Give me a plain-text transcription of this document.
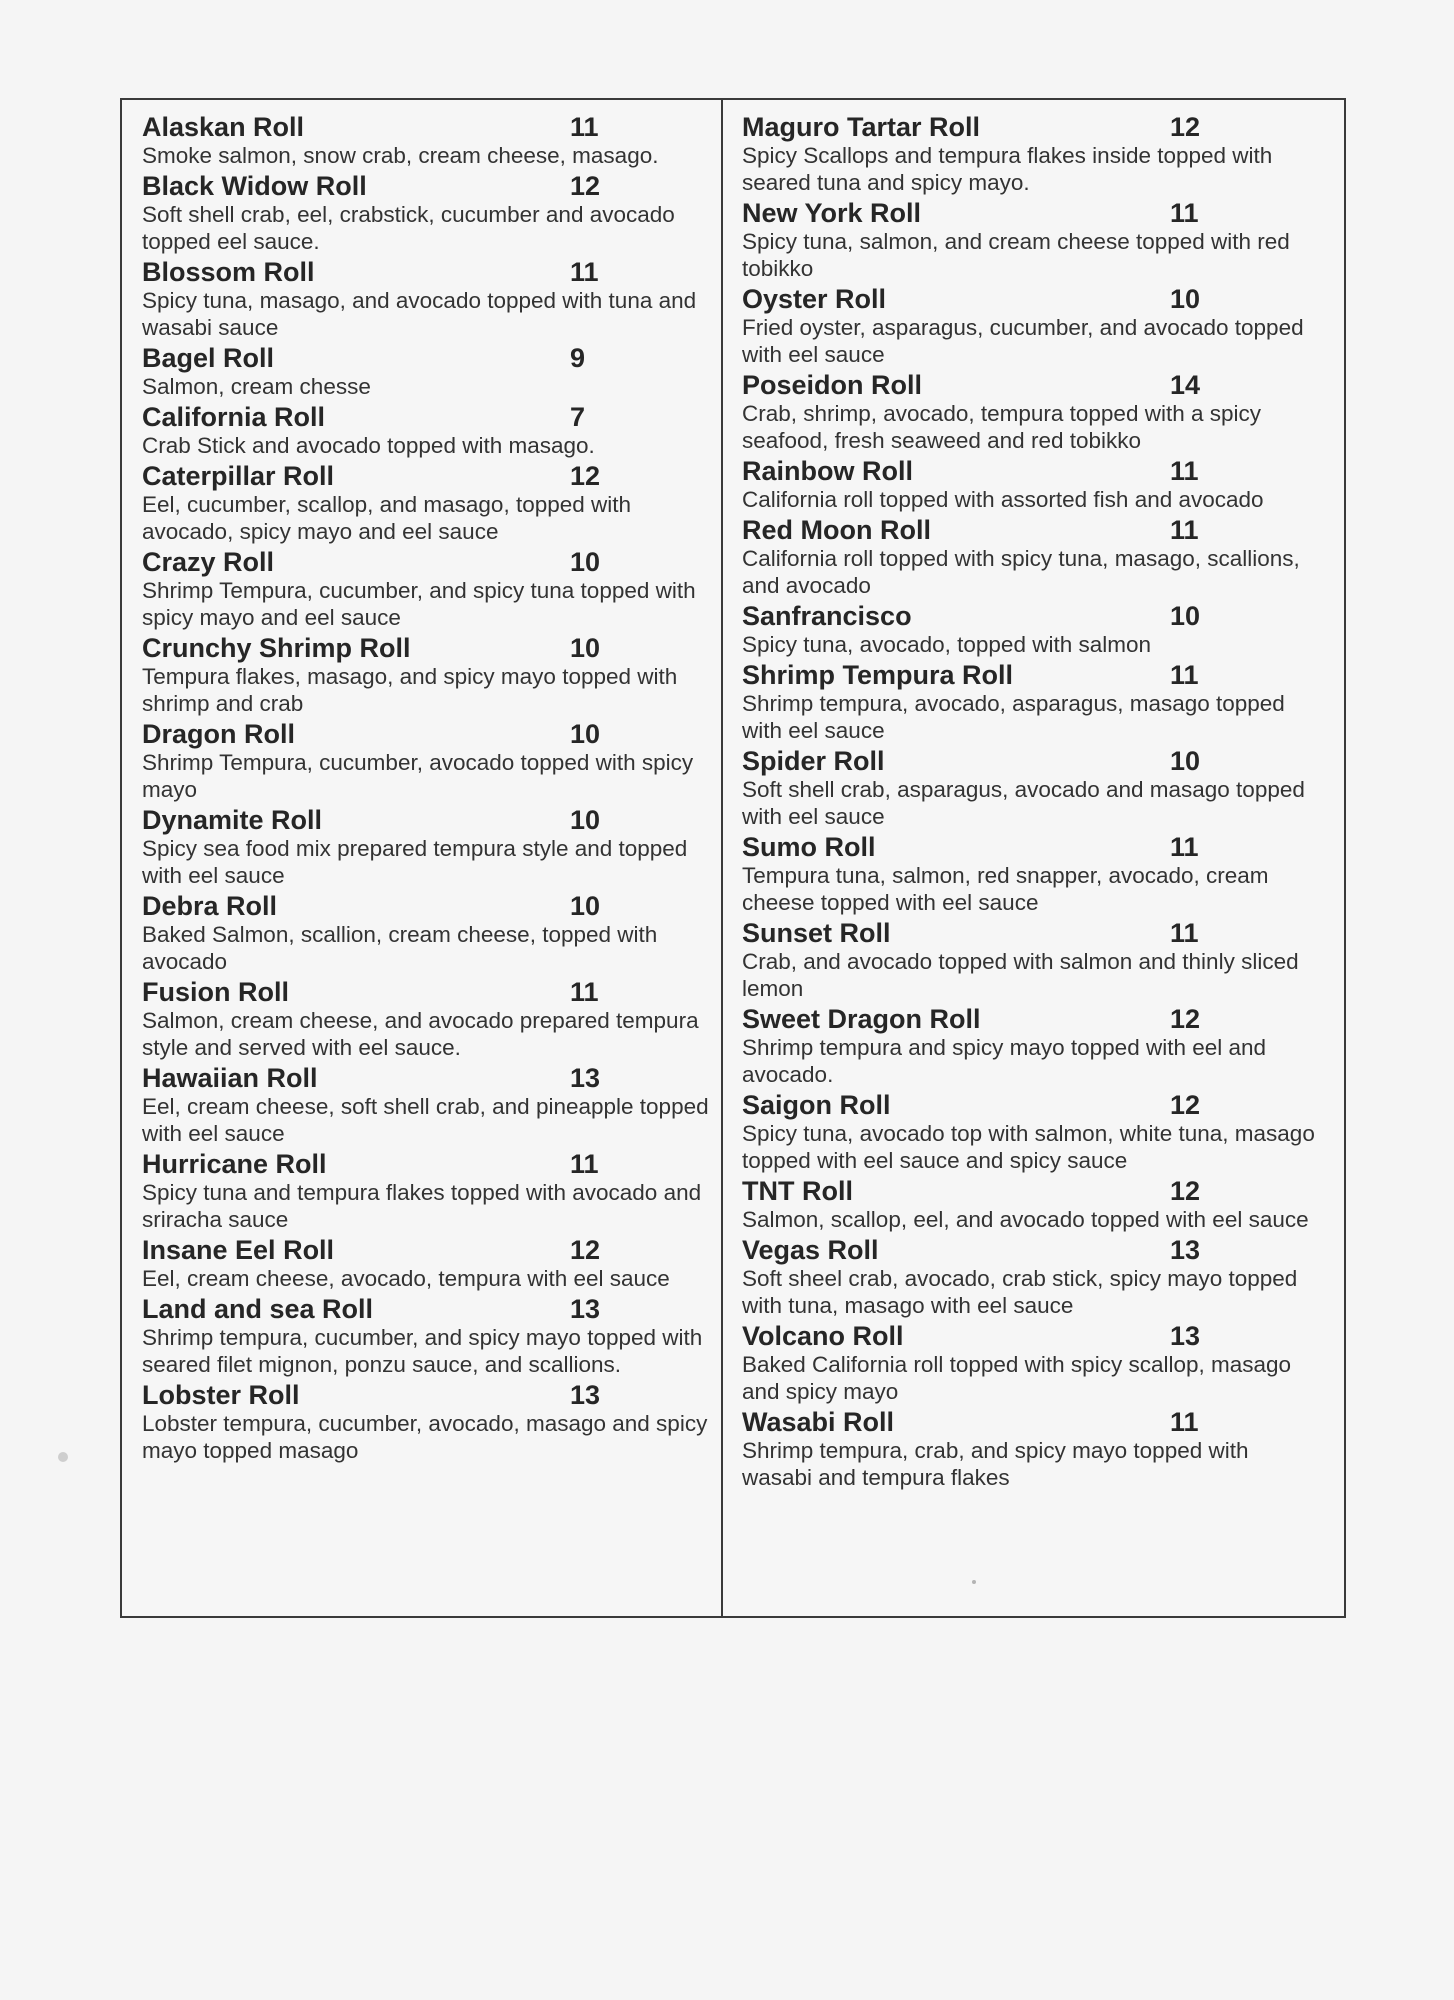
Alaskan Roll	11
Smoke salmon, snow crab, cream cheese, masago.
Black Widow Roll	12
Soft shell crab, eel, crabstick, cucumber and avocado topped eel sauce.
Blossom Roll	11
Spicy tuna, masago, and avocado topped with tuna and wasabi sauce
Bagel Roll	9
Salmon, cream chesse
California Roll	7
Crab Stick and avocado topped with masago.
Caterpillar Roll	12
Eel, cucumber, scallop, and masago, topped with avocado, spicy mayo and eel sauce
Crazy Roll	10
Shrimp Tempura, cucumber, and spicy tuna topped with spicy mayo and eel sauce
Crunchy Shrimp Roll	10
Tempura flakes, masago, and spicy mayo topped with shrimp and crab
Dragon Roll	10
Shrimp Tempura, cucumber, avocado topped with spicy mayo
Dynamite Roll	10
Spicy sea food mix prepared tempura style and topped with eel sauce
Debra Roll	10
Baked Salmon, scallion, cream cheese, topped with avocado
Fusion Roll	11
Salmon, cream cheese, and avocado prepared tempura style and served with eel sauce.
Hawaiian Roll	13
Eel, cream cheese, soft shell crab, and pineapple topped with eel sauce
Hurricane Roll	11
Spicy tuna and tempura flakes topped with avocado and sriracha sauce
Insane Eel Roll	12
Eel, cream cheese, avocado, tempura with eel sauce
Land and sea Roll	13
Shrimp tempura, cucumber, and spicy mayo topped with seared filet mignon, ponzu sauce, and scallions.
Lobster Roll	13
Lobster tempura, cucumber, avocado, masago and spicy mayo topped masago
Maguro Tartar Roll	12
Spicy Scallops and tempura flakes inside topped with seared tuna and spicy mayo.
New York Roll	11
Spicy tuna, salmon, and cream cheese topped with red tobikko
Oyster Roll	10
Fried oyster, asparagus, cucumber, and avocado topped with eel sauce
Poseidon Roll	14
Crab, shrimp, avocado, tempura topped with a spicy seafood, fresh seaweed and red tobikko
Rainbow Roll	11
California roll topped with assorted fish and avocado
Red Moon Roll	11
California roll topped with spicy tuna, masago, scallions, and avocado
Sanfrancisco	10
Spicy tuna, avocado, topped with salmon
Shrimp Tempura Roll	11
Shrimp tempura, avocado, asparagus, masago topped with eel sauce
Spider Roll	10
Soft shell crab, asparagus, avocado and masago topped with eel sauce
Sumo Roll	11
Tempura tuna, salmon, red snapper, avocado, cream cheese topped with eel sauce
Sunset Roll	11
Crab, and avocado topped with salmon and thinly sliced lemon
Sweet Dragon Roll	12
Shrimp tempura and spicy mayo topped with eel and avocado.
Saigon Roll	12
Spicy tuna, avocado top with salmon, white tuna, masago topped with eel sauce and spicy sauce
TNT Roll	12
Salmon, scallop, eel, and avocado topped with eel sauce
Vegas Roll	13
Soft sheel crab, avocado, crab stick, spicy mayo topped with tuna, masago with eel sauce
Volcano Roll	13
Baked California roll topped with spicy scallop, masago and spicy mayo
Wasabi Roll	11
Shrimp tempura, crab, and spicy mayo topped with wasabi and tempura flakes
